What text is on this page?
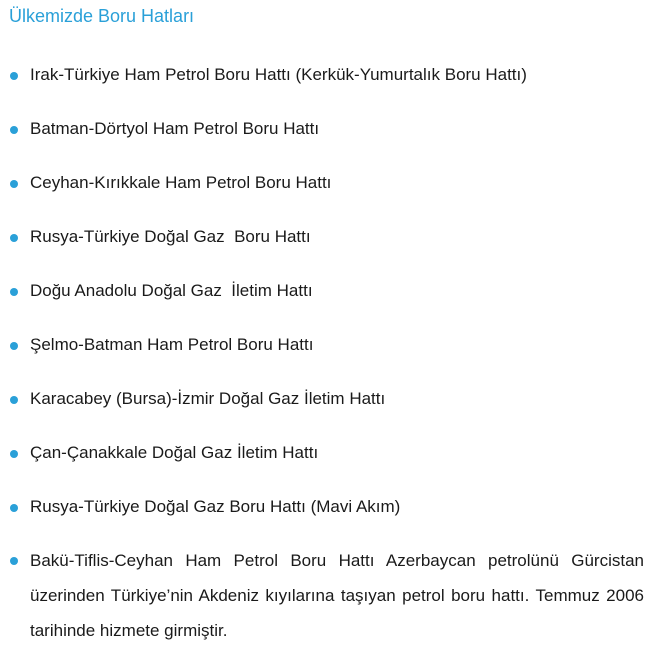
Ülkemizde Boru Hatları
Irak-Türkiye Ham Petrol Boru Hattı (Kerkük-Yumurtalık Boru Hattı)
Batman-Dörtyol Ham Petrol Boru Hattı
Ceyhan-Kırıkkale Ham Petrol Boru Hattı
Rusya-Türkiye Doğal Gaz  Boru Hattı
Doğu Anadolu Doğal Gaz  İletim Hattı
Şelmo-Batman Ham Petrol Boru Hattı
Karacabey (Bursa)-İzmir Doğal Gaz İletim Hattı
Çan-Çanakkale Doğal Gaz İletim Hattı
Rusya-Türkiye Doğal Gaz Boru Hattı (Mavi Akım)
Bakü-Tiflis-Ceyhan Ham Petrol Boru Hattı Azerbaycan petrolünü Gürcistan üzerinden Türkiye’nin Akdeniz kıyılarına taşıyan petrol boru hattı. Temmuz 2006 tarihinde hizmete girmiştir.
